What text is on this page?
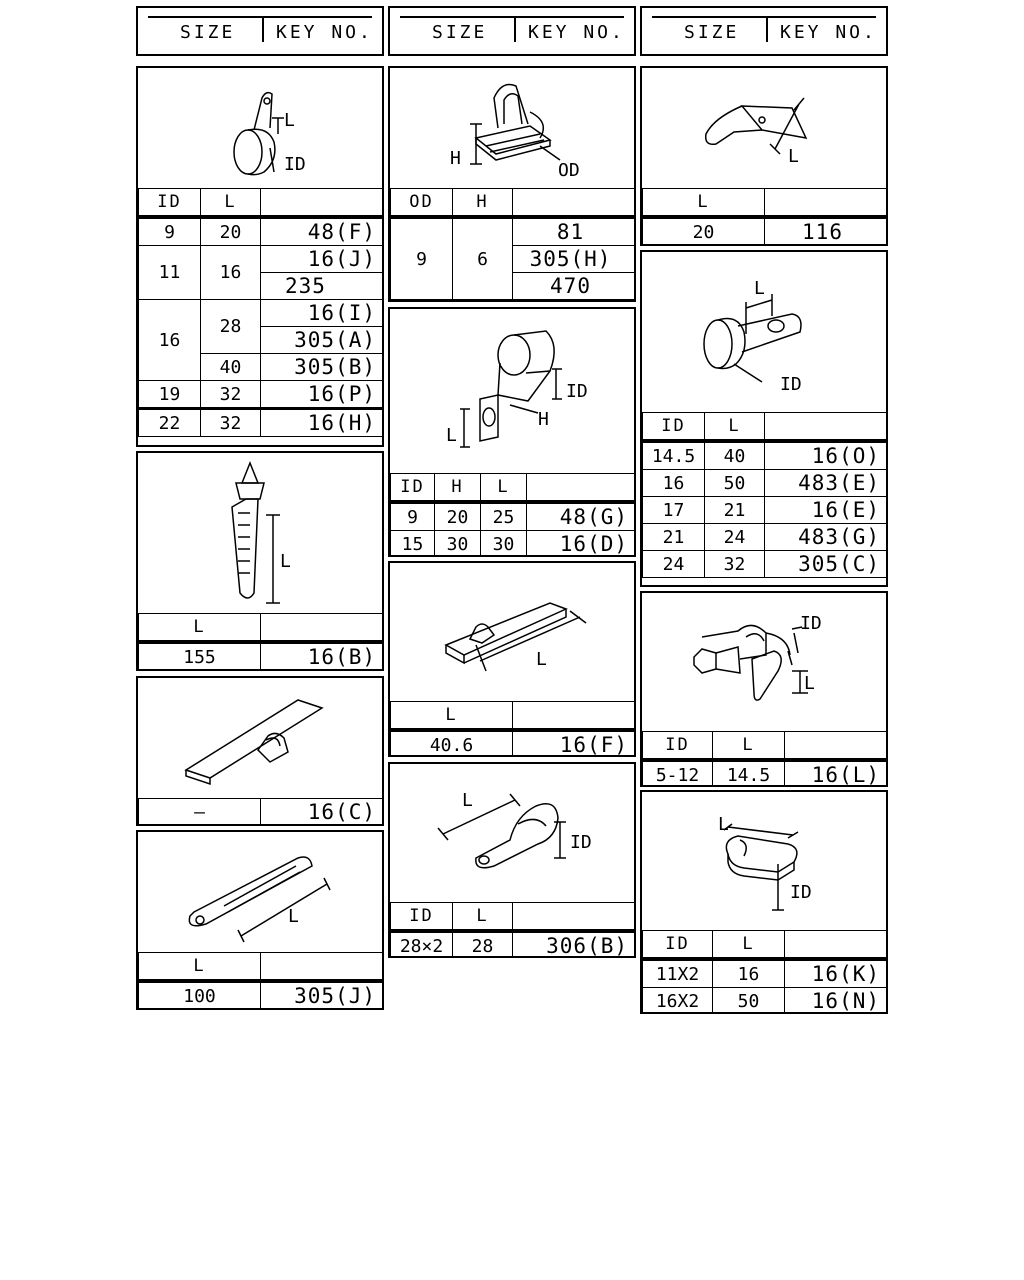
SIZE KEY NO.	SIZE KEY NO.	SIZE KEY NO.
L
ID
ID	L	
9	20	48(F)
11	16	16(J)
		235
16	28	16(I)
		305(A)
	40	305(B)
19	32	16(P)
22	32	16(H)
L
L	
155	16(B)
—	16(C)
L
L	
100	305(J)
H
OD
OD	H	
9	6	81
		305(H)
		470
ID
H
L
ID	H	L	
9	20	25	48(G)
15	30	30	16(D)
L
L	
40.6	16(F)
L
ID
ID	L	
28×2	28	306(B)
L
L	
20	116
L
ID
ID	L	
14.5	40	16(O)
16	50	483(E)
17	21	16(E)
21	24	483(G)
24	32	305(C)
ID
L
ID	L	
5-12	14.5	16(L)
L
ID
ID	L	
11X2	16	16(K)
16X2	50	16(N)
